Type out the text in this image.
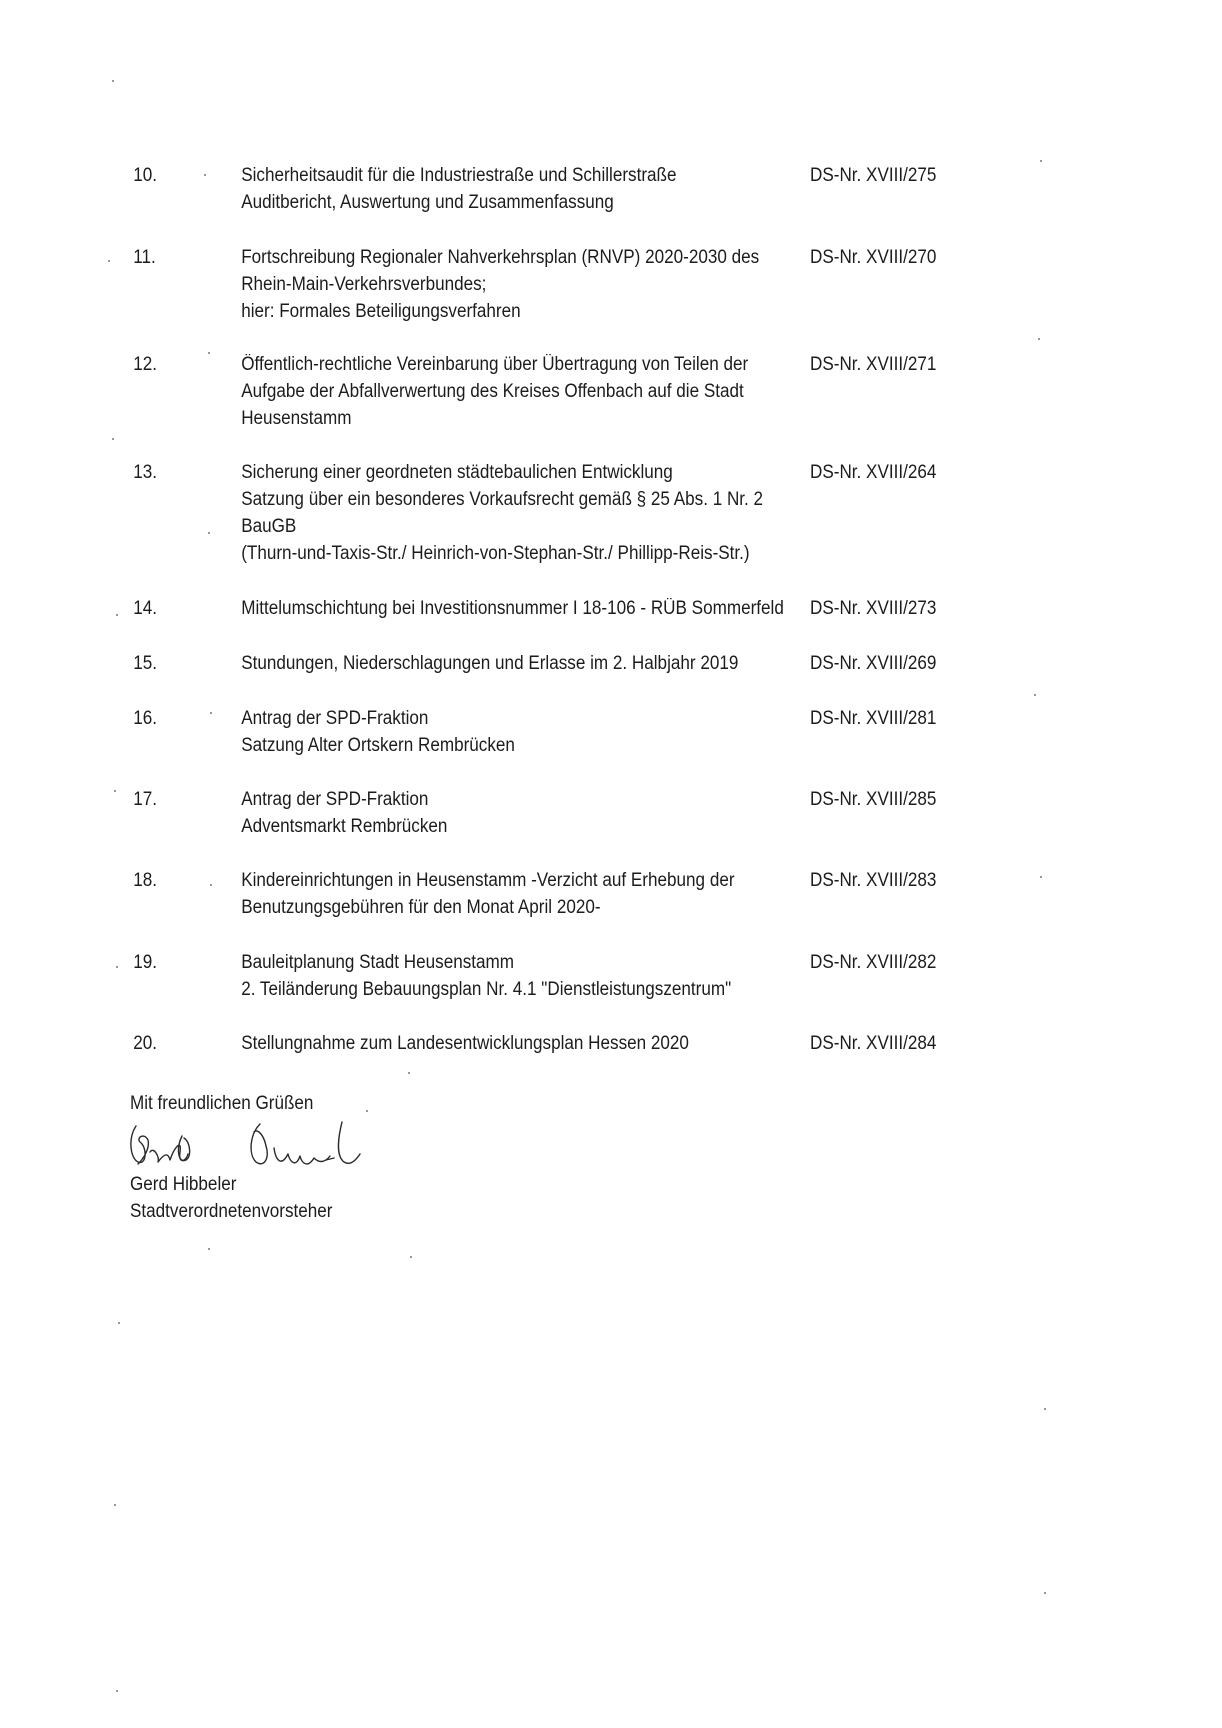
10.	Sicherheitsaudit für die Industriestraße und Schillerstraße
Auditbericht, Auswertung und Zusammenfassung
DS-Nr. XVIII/275
11.	Fortschreibung Regionaler Nahverkehrsplan (RNVP) 2020-2030 des
Rhein-Main-Verkehrsverbundes;
hier: Formales Beteiligungsverfahren
DS-Nr. XVIII/270
12.	Öffentlich-rechtliche Vereinbarung über Übertragung von Teilen der
Aufgabe der Abfallverwertung des Kreises Offenbach auf die Stadt
Heusenstamm
DS-Nr. XVIII/271
13.	Sicherung einer geordneten städtebaulichen Entwicklung
Satzung über ein besonderes Vorkaufsrecht gemäß § 25 Abs. 1 Nr. 2
BauGB
(Thurn-und-Taxis-Str./ Heinrich-von-Stephan-Str./ Phillipp-Reis-Str.)
DS-Nr. XVIII/264
14.	Mittelumschichtung bei Investitionsnummer I 18-106 - RÜB Sommerfeld	DS-Nr. XVIII/273
15.	Stundungen, Niederschlagungen und Erlasse im 2. Halbjahr 2019	DS-Nr. XVIII/269
16.	Antrag der SPD-Fraktion
Satzung Alter Ortskern Rembrücken
DS-Nr. XVIII/281
17.	Antrag der SPD-Fraktion
Adventsmarkt Rembrücken
DS-Nr. XVIII/285
18.	Kindereinrichtungen in Heusenstamm -Verzicht auf Erhebung der
Benutzungsgebühren für den Monat April 2020-
DS-Nr. XVIII/283
19.	Bauleitplanung Stadt Heusenstamm
2. Teiländerung Bebauungsplan Nr. 4.1 "Dienstleistungszentrum"
DS-Nr. XVIII/282
20.	Stellungnahme zum Landesentwicklungsplan Hessen 2020	DS-Nr. XVIII/284
Mit freundlichen Grüßen
Gerd Hibbeler
Stadtverordnetenvorsteher
